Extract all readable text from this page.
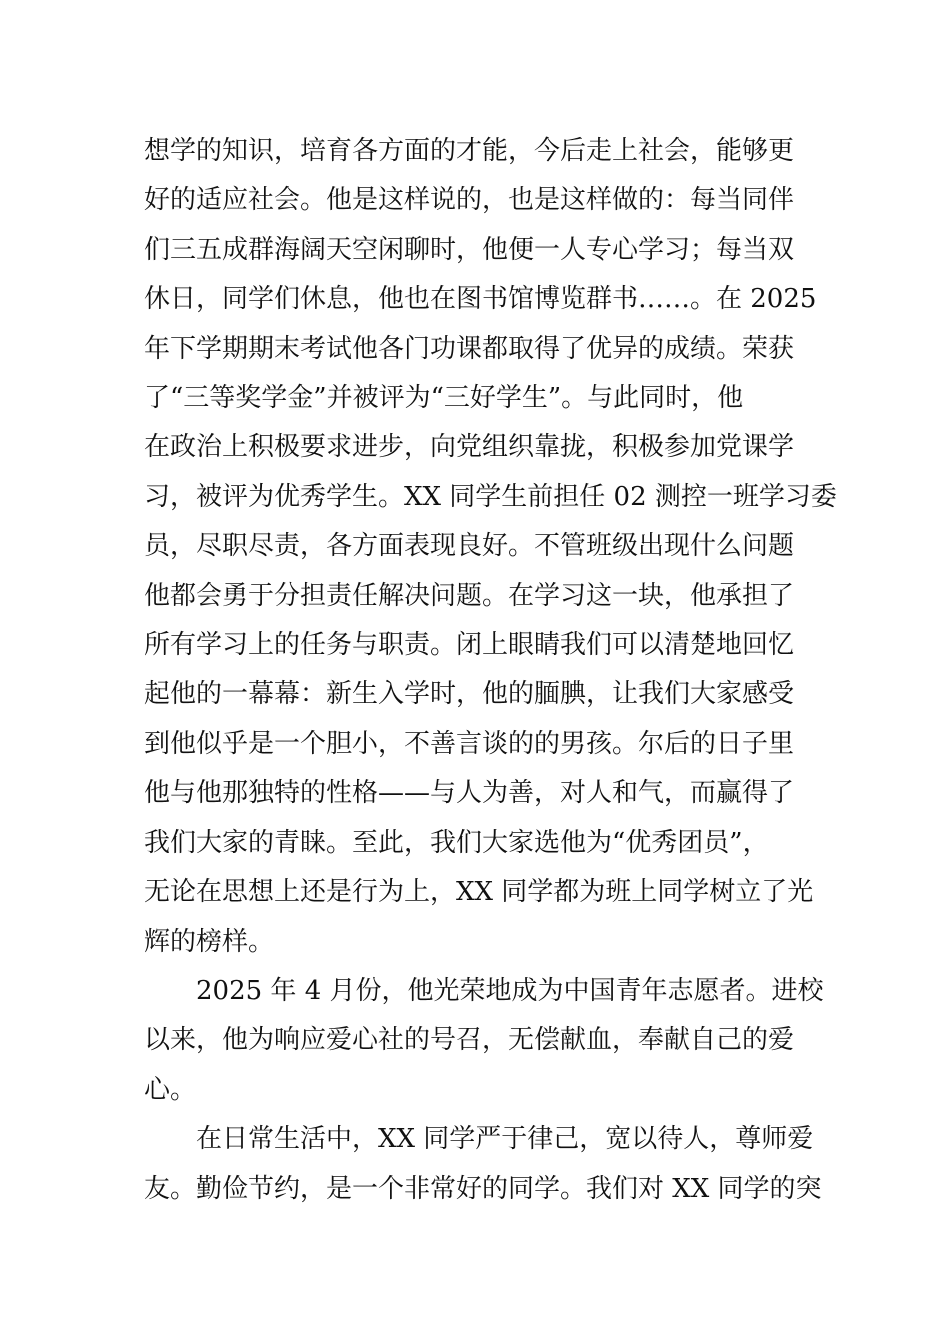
想学的知识，培育各方面的才能，今后走上社会，能够更
好的适应社会。他是这样说的，也是这样做的：每当同伴
们三五成群海阔天空闲聊时，他便一人专心学习；每当双
休日，同学们休息，他也在图书馆博览群书……。在 2025
年下学期期末考试他各门功课都取得了优异的成绩。荣获
了“三等奖学金”并被评为“三好学生”。与此同时，他
在政治上积极要求进步，向党组织靠拢，积极参加党课学
习，被评为优秀学生。XX 同学生前担任 02 测控一班学习委
员，尽职尽责，各方面表现良好。不管班级出现什么问题
他都会勇于分担责任解决问题。在学习这一块，他承担了
所有学习上的任务与职责。闭上眼睛我们可以清楚地回忆
起他的一幕幕：新生入学时，他的腼腆，让我们大家感受
到他似乎是一个胆小，不善言谈的的男孩。尔后的日子里
他与他那独特的性格——与人为善，对人和气，而赢得了
我们大家的青睐。至此，我们大家选他为“优秀团员”，
无论在思想上还是行为上，XX 同学都为班上同学树立了光
辉的榜样。

2025 年 4 月份，他光荣地成为中国青年志愿者。进校
以来，他为响应爱心社的号召，无偿献血，奉献自己的爱
心。

在日常生活中，XX 同学严于律己，宽以待人，尊师爱
友。勤俭节约，是一个非常好的同学。我们对 XX 同学的突
